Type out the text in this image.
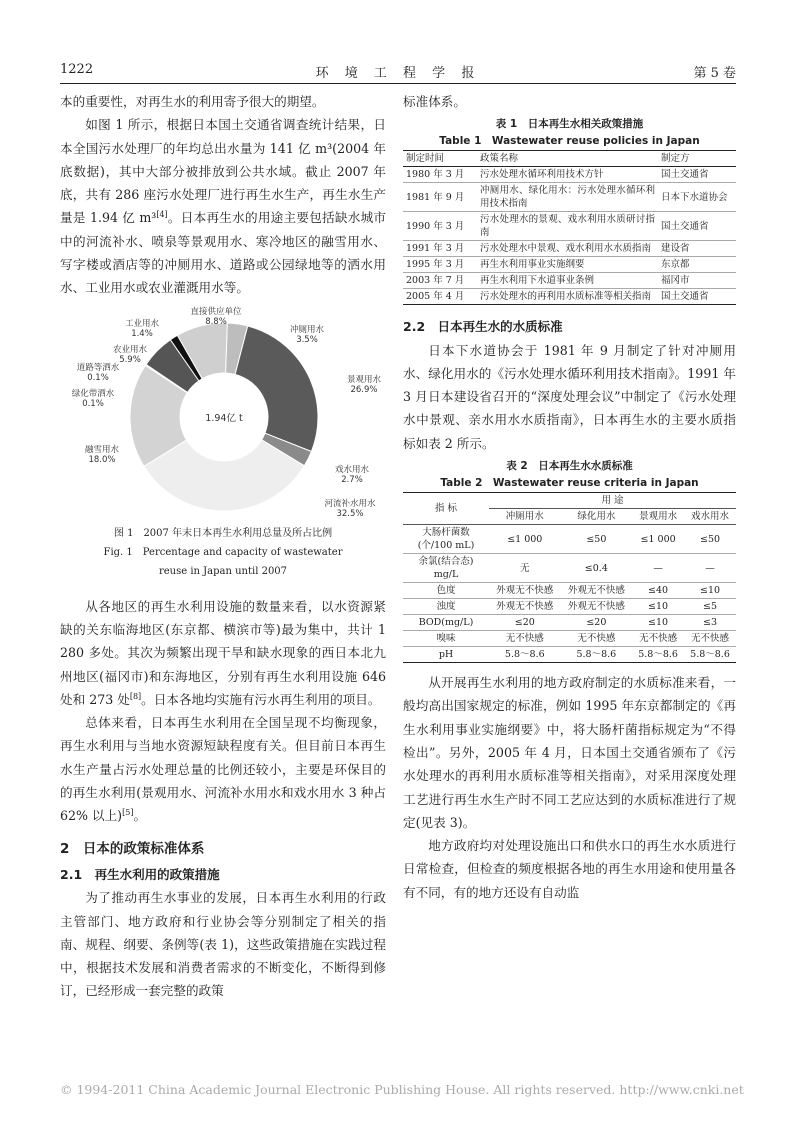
1222	环 境 工 程 学 报	第 5 卷

本的重要性，对再生水的利用寄予很大的期望。

如图 1 所示，根据日本国土交通省调查统计结果，日本全国污水处理厂的年均总出水量为 141 亿 m³(2004 年底数据)，其中大部分被排放到公共水域。截止 2007 年底，共有 286 座污水处理厂进行再生水生产，再生水生产量是 1.94 亿 m³[4]。日本再生水的用途主要包括缺水城市中的河流补水、喷泉等景观用水、寒冷地区的融雪用水、写字楼或酒店等的冲厕用水、道路或公园绿地等的洒水用水、工业用水或农业灌溉用水等。

冲厕用水
3.5%
景观用水
26.9%
戏水用水
2.7%
河流补水用水
32.5%
融雪用水
18.0%
绿化带洒水
0.1%
道路等洒水
0.1%
农业用水
5.9%
工业用水
1.4%
直接供应单位
8.8%
1.94亿 t
图 1　2007 年末日本再生水利用总量及所占比例
Fig. 1　Percentage and capacity of wastewater
reuse in Japan until 2007

从各地区的再生水利用设施的数量来看，以水资源紧缺的关东临海地区(东京都、横滨市等)最为集中，共计 1 280 多处。其次为频繁出现干旱和缺水现象的西日本北九州地区(福冈市)和东海地区，分别有再生水利用设施 646 处和 273 处[8]。日本各地均实施有污水再生利用的项目。

总体来看，日本再生水利用在全国呈现不均衡现象，再生水利用与当地水资源短缺程度有关。但目前日本再生水生产量占污水处理总量的比例还较小，主要是环保目的的再生水利用(景观用水、河流补水用水和戏水用水 3 种占 62% 以上)[5]。

2　日本的政策标准体系
2.1　再生水利用的政策措施

为了推动再生水事业的发展，日本再生水利用的行政主管部门、地方政府和行业协会等分别制定了相关的指南、规程、纲要、条例等(表 1)，这些政策措施在实践过程中，根据技术发展和消费者需求的不断变化，不断得到修订，已经形成一套完整的政策

标准体系。

表 1　日本再生水相关政策措施

Table 1　Wastewater reuse policies in Japan

制定时间	政策名称	制定方
1980 年 3 月	污水处理水循环利用技术方针	国土交通省
1981 年 9 月	冲厕用水、绿化用水：污水处理水循环利用技术指南	日本下水道协会
1990 年 3 月	污水处理水的景观、戏水利用水质研讨指南	国土交通省
1991 年 3 月	污水处理水中景观、戏水利用水水质指南	建设省
1995 年 3 月	再生水利用事业实施纲要	东京都
2003 年 7 月	再生水利用下水道事业条例	福冈市
2005 年 4 月	污水处理水的再利用水质标准等相关指南	国土交通省
2.2　日本再生水的水质标准

日本下水道协会于 1981 年 9 月制定了针对冲厕用水、绿化用水的《污水处理水循环利用技术指南》。1991 年 3 月日本建设省召开的“深度处理会议”中制定了《污水处理水中景观、亲水用水水质指南》，日本再生水的主要水质指标如表 2 所示。

表 2　日本再生水水质标准

Table 2　Wastewater reuse criteria in Japan

指 标	用 途			
	冲厕用水	绿化用水	景观用水	戏水用水
大肠杆菌数(个/100 mL)	≤1 000	≤50	≤1 000	≤50
余氯(结合态) mg/L	无	≤0.4	—	—
色度	外观无不快感	外观无不快感	≤40	≤10
浊度	外观无不快感	外观无不快感	≤10	≤5
BOD(mg/L)	≤20	≤20	≤10	≤3
嗅味	无不快感	无不快感	无不快感	无不快感
pH	5.8～8.6	5.8～8.6	5.8～8.6	5.8～8.6

从开展再生水利用的地方政府制定的水质标准来看，一般均高出国家规定的标准，例如 1995 年东京都制定的《再生水利用事业实施纲要》中，将大肠杆菌指标规定为“不得检出”。另外，2005 年 4 月，日本国土交通省颁布了《污水处理水的再利用水质标准等相关指南》，对采用深度处理工艺进行再生水生产时不同工艺应达到的水质标准进行了规定(见表 3)。

地方政府均对处理设施出口和供水口的再生水水质进行日常检查，但检查的频度根据各地的再生水用途和使用量各有不同，有的地方还设有自动监

© 1994-2011 China Academic Journal Electronic Publishing House. All rights reserved. http://www.cnki.net
